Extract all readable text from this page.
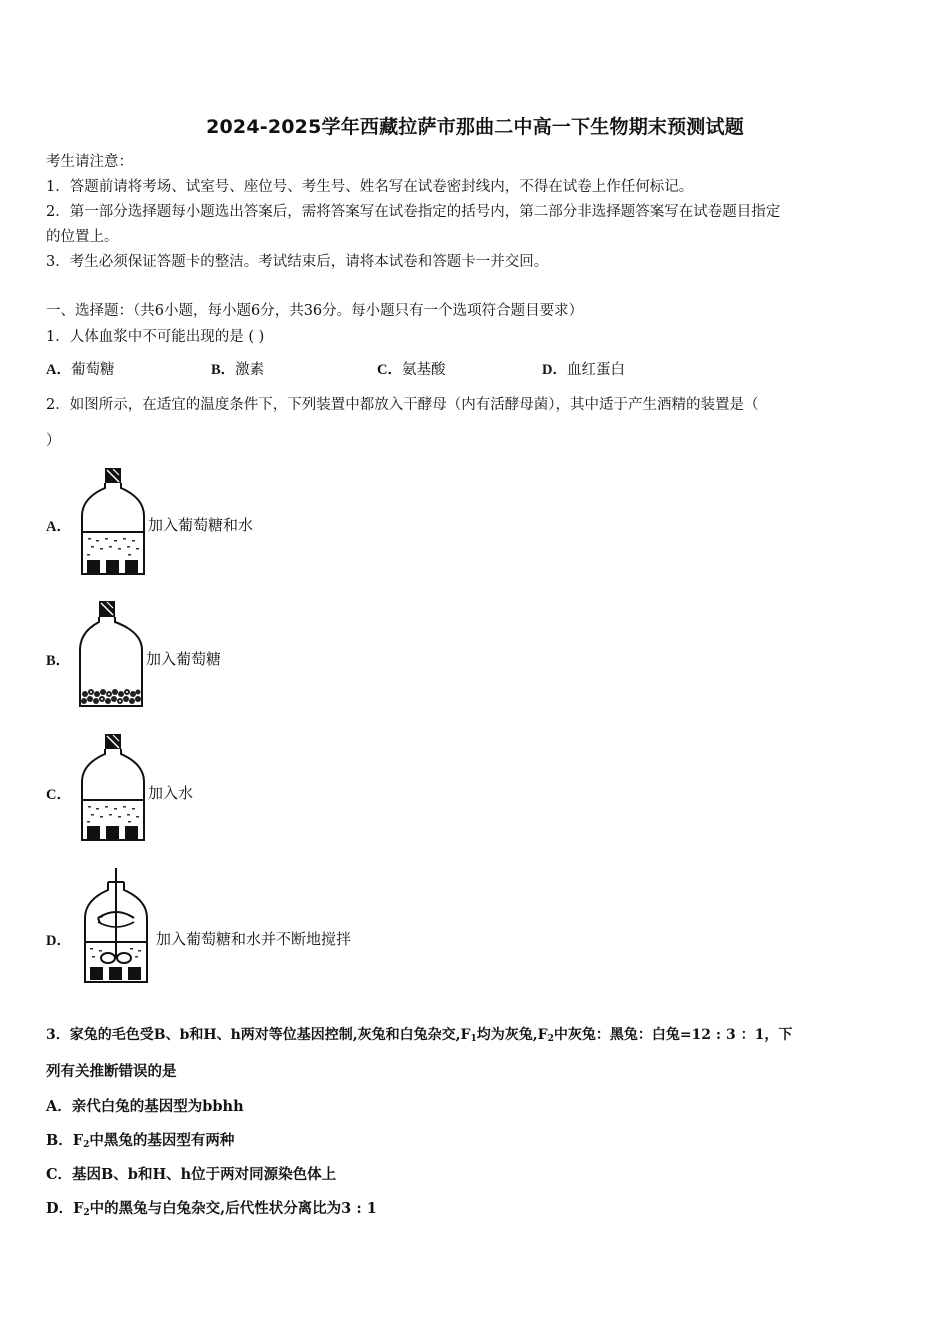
2024-2025学年西藏拉萨市那曲二中高一下生物期末预测试题
考生请注意：
1．答题前请将考场、试室号、座位号、考生号、姓名写在试卷密封线内，不得在试卷上作任何标记。
2．第一部分选择题每小题选出答案后，需将答案写在试卷指定的括号内，第二部分非选择题答案写在试卷题目指定
的位置上。
3．考生必须保证答题卡的整洁。考试结束后，请将本试卷和答题卡一并交回。
一、选择题：（共6小题，每小题6分，共36分。每小题只有一个选项符合题目要求）
1．人体血浆中不可能出现的是 ( )
A．葡萄糖	B．激素	C．氨基酸	D．血红蛋白
2．如图所示，在适宜的温度条件下，下列装置中都放入干酵母（内有活酵母菌），其中适于产生酒精的装置是（
）
A．	加入葡萄糖和水
B．	加入葡萄糖
C．	加入水
D．	加入葡萄糖和水并不断地搅拌
3．家兔的毛色受B、b和H、h两对等位基因控制,灰兔和白兔杂交$,F_1$均为灰兔$,F_2$中灰兔：黑兔：白兔=12 : 3 ：1，下
列有关推断错误的是
A．亲代白兔的基因型为bbhh
B．$F_2$中黑兔的基因型有两种
C．基因B、b和H、h位于两对同源染色体上
D．$F_2$中的黑兔与白兔杂交,后代性状分离比为3 : 1
